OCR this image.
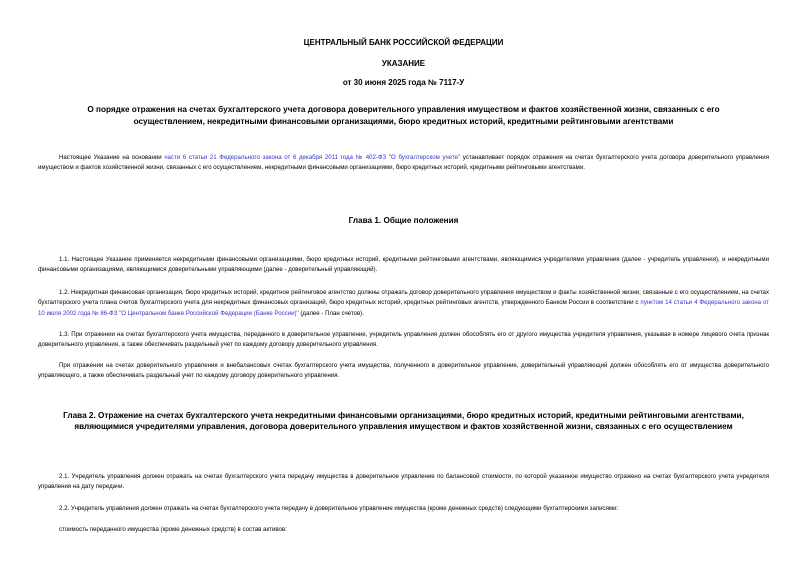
ЦЕНТРАЛЬНЫЙ БАНК РОССИЙСКОЙ ФЕДЕРАЦИИ
УКАЗАНИЕ
от 30 июня 2025 года № 7117-У
О порядке отражения на счетах бухгалтерского учета договора доверительного управления имуществом и фактов хозяйственной жизни, связанных с его осуществлением, некредитными финансовыми организациями, бюро кредитных историй, кредитными рейтинговыми агентствами
Настоящее Указание на основании части 6 статьи 21 Федерального закона от 6 декабря 2011 года № 402-ФЗ "О бухгалтерском учете" устанавливает порядок отражения на счетах бухгалтерского учета договора доверительного управления имуществом и фактов хозяйственной жизни, связанных с его осуществлением, некредитными финансовыми организациями, бюро кредитных историй, кредитными рейтинговыми агентствами.
Глава 1. Общие положения
1.1. Настоящее Указание применяется некредитными финансовыми организациями, бюро кредитных историй, кредитными рейтинговыми агентствами, являющимися учредителями управления (далее - учредитель управления), и некредитными финансовыми организациями, являющимися доверительными управляющими (далее - доверительный управляющий).
1.2. Некредитная финансовая организация, бюро кредитных историй, кредитное рейтинговое агентство должны отражать договор доверительного управления имуществом и факты хозяйственной жизни, связанные с его осуществлением, на счетах бухгалтерского учета плана счетов бухгалтерского учета для некредитных финансовых организаций, бюро кредитных историй, кредитных рейтинговых агентств, утвержденного Банком России в соответствии с пунктом 14 статьи 4 Федерального закона от 10 июля 2002 года № 86-ФЗ "О Центральном банке Российской Федерации (Банке России)" (далее - План счетов).
1.3. При отражении на счетах бухгалтерского учета имущества, переданного в доверительное управление, учредитель управления должен обособлять его от другого имущества учредителя управления, указывая в номере лицевого счета признак доверительного управления, а также обеспечивать раздельный учет по каждому договору доверительного управления.
При отражении на счетах доверительного управления и внебалансовых счетах бухгалтерского учета имущества, полученного в доверительное управление, доверительный управляющий должен обособлять его от имущества доверительного управляющего, а также обеспечивать раздельный учет по каждому договору доверительного управления.
Глава 2. Отражение на счетах бухгалтерского учета некредитными финансовыми организациями, бюро кредитных историй, кредитными рейтинговыми агентствами, являющимися учредителями управления, договора доверительного управления имуществом и фактов хозяйственной жизни, связанных с его осуществлением
2.1. Учредитель управления должен отражать на счетах бухгалтерского учета передачу имущества в доверительное управление по балансовой стоимости, по которой указанное имущество отражено на счетах бухгалтерского учета учредителя управления на дату передачи.
2.2. Учредитель управления должен отражать на счетах бухгалтерского учета передачу в доверительное управление имущества (кроме денежных средств) следующими бухгалтерскими записями:
стоимость переданного имущества (кроме денежных средств) в состав активов:
